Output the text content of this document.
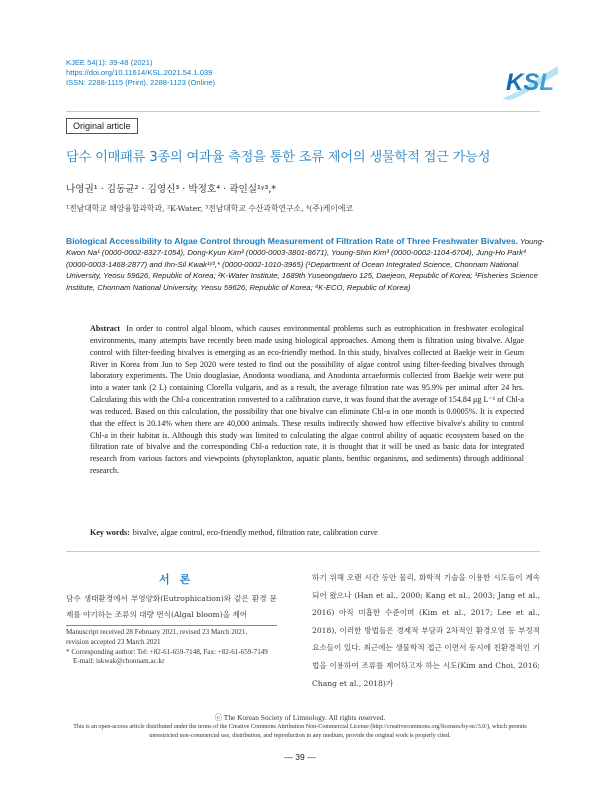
KJEE 54(1): 39-48 (2021)
https://doi.org/10.11614/KSL.2021.54.1.039
ISSN: 2288-1115 (Print), 2288-1123 (Online)	KSL
Original article
담수 이매패류 3종의 여과율 측정을 통한 조류 제어의 생물학적 접근 가능성
나영권¹ · 김동균² · 김영신³ · 박정호⁴ · 곽인실¹ʸ³,*
¹전남대학교 해양융합과학과, ²K-Water, ³전남대학교 수산과학연구소, ⁴(주)케이에코
Biological Accessibility to Algae Control through Measurement of Filtration Rate of Three Freshwater Bivalves. Young-Kwon Na¹ (0000-0002-8327-1054), Dong-Kyun Kim² (0000-0003-3801-8671), Young-Shin Kim³ (0000-0002-1104-6704), Jung-Ho Park⁴ (0000-0003-1468-2877) and Ihn-Sil Kwak¹ʸ³,* (0000-0002-1010-3965) (¹Department of Ocean Integrated Science, Chonnam National University, Yeosu 59626, Republic of Korea; ²K-Water Institute, 1689th Yuseongdaero 125, Daejeon, Republic of Korea; ³Fisheries Science Institute, Chonnam National University, Yeosu 59626, Republic of Korea; ⁴K-ECO, Republic of Korea)
Abstract In order to control algal bloom, which causes environmental problems such as eutrophication in freshwater ecological environments, many attempts have recently been made using biological approaches. Among them is filtration using bivalve. Algae control with filter-feeding bivalves is emerging as an eco-friendly method. In this study, bivalves collected at Baekje weir in Geum River in Korea from Jun to Sep 2020 were tested to find out the possibility of algae control using filter-feeding bivalves through laboratory experiments. The Unio douglasiae, Anodonta woodiana, and Anodonta arcaeformis collected from Baekje weir were put into a water tank (2 L) containing Clorella vulgaris, and as a result, the average filtration rate was 95.9% per animal after 24 hrs. Calculating this with the Chl-a concentration converted to a calibration curve, it was found that the average of 154.84 μg L⁻¹ of Chl-a was reduced. Based on this calculation, the possibility that one bivalve can eliminate Chl-a in one month is 0.0005%. It is expected that the effect is 20.14% when there are 40,000 animals. These results indirectly showed how effective bivalve's ability to control Chl-a in their habitat is. Although this study was limited to calculating the algae control ability of aquatic ecosystem based on the filtration rate of bivalve and the corresponding Chl-a reduction rate, it is thought that it will be used as basic data for integrated research from various factors and viewpoints (phytoplankton, aquatic plants, benthic organisms, and sediments) through additional research.
Key words: bivalve, algae control, eco-friendly method, filtration rate, calibration curve
서론
담수 생태환경에서 부영양화(Eutrophication)와 같은 환경 문제를 야기하는 조류의 대량 번식(Algal bloom)을 제어
Manuscript received 28 February 2021, revised 23 March 2021,
revision accepted 23 March 2021
* Corresponding author: Tel: +82-61-659-7148, Fax: +82-61-659-7149
E-mail: iskwak@chonnam.ac.kr
하기 위해 오랜 시간 동안 물리, 화학적 기술을 이용한 시도들이 계속되어 왔으나 (Han et al., 2000; Kang et al., 2003; Jang et al., 2016) 아직 미흡한 수준이며 (Kim et al., 2017; Lee et al., 2018), 이러한 방법들은 경제적 부담과 2차적인 환경오염 등 부정적 요소들이 있다. 최근에는 생물학적 접근 이면서 동시에 친환경적인 기법을 이용하여 조류를 제어하고자 하는 시도(Kim and Choi, 2016; Chang et al., 2018)가
ⓒ The Korean Society of Limnology. All rights reserved.
This is an open-access article distributed under the terms of the Creative Commons Attribution Non-Commercial License (http://creativecommons.org/licenses/by-nc/3.0/), which permits unrestricted non-commercial use, distribution, and reproduction in any medium, provide the original work is properly cited.
— 39 —
